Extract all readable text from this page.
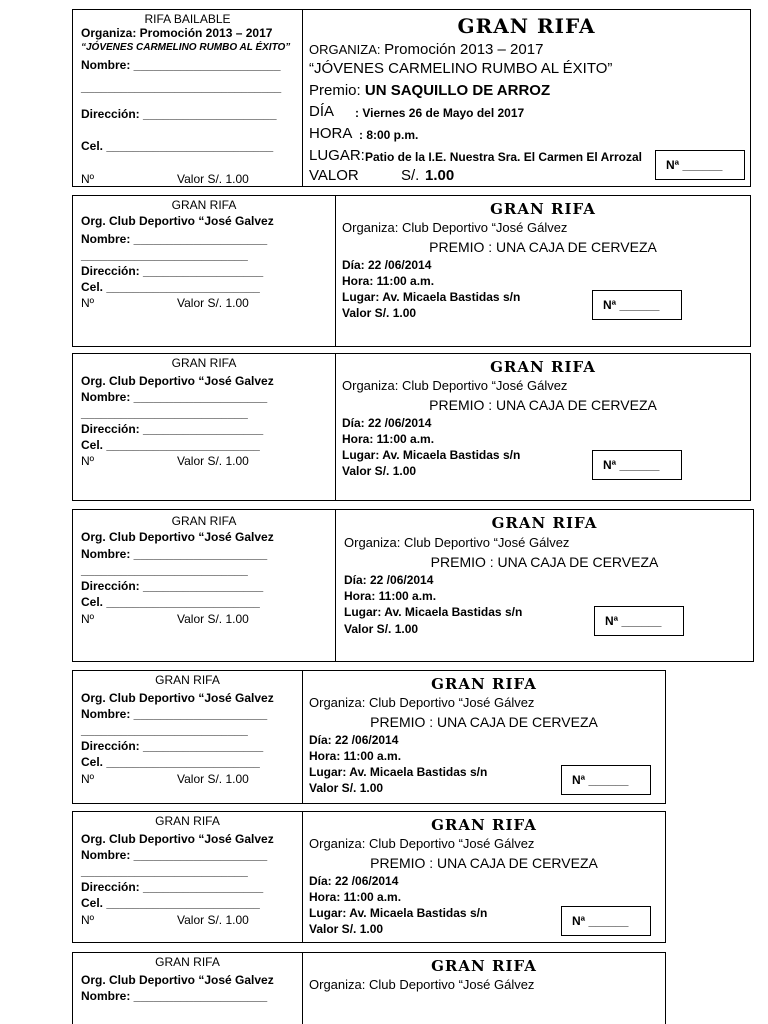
RIFA BAILABLE
Organiza: Promoción 2013 – 2017
“JÓVENES CARMELINO RUMBO AL ÉXITO”
Nombre: ______________________
______________________________
Dirección: ____________________
Cel. _________________________
Nº	Valor S/. 1.00
GRAN RIFA
ORGANIZA: Promoción 2013 – 2017
“JÓVENES CARMELINO RUMBO AL ÉXITO”
Premio: UN SAQUILLO DE ARROZ
DÍA : Viernes 26 de Mayo del 2017
HORA : 8:00 p.m.
LUGAR: Patio de la I.E. Nuestra Sra. El Carmen El Arrozal
VALOR	S/. 1.00
Nª ______
GRAN RIFA
Org. Club Deportivo “José Galvez
Nombre: ____________________
_________________________
Dirección: __________________
Cel. _______________________
Nº	Valor S/. 1.00
GRAN RIFA
Organiza: Club Deportivo “José Gálvez
PREMIO : UNA CAJA DE CERVEZA
Día: 22 /06/2014
Hora: 11:00 a.m.
Lugar: Av. Micaela Bastidas s/n
Valor S/. 1.00
Nª ______
GRAN RIFA
Org. Club Deportivo “José Galvez
Nombre: ____________________
_________________________
Dirección: __________________
Cel. _______________________
Nº	Valor S/. 1.00
GRAN RIFA
Organiza: Club Deportivo “José Gálvez
PREMIO : UNA CAJA DE CERVEZA
Día: 22 /06/2014
Hora: 11:00 a.m.
Lugar: Av. Micaela Bastidas s/n
Valor S/. 1.00	Nª ______
GRAN RIFA
Org. Club Deportivo “José Galvez
Nombre: ____________________
_________________________
Dirección: __________________
Cel. _______________________
Nº	Valor S/. 1.00
GRAN RIFA
Organiza: Club Deportivo “José Gálvez
PREMIO : UNA CAJA DE CERVEZA
Día: 22 /06/2014
Hora: 11:00 a.m.
Lugar: Av. Micaela Bastidas s/n
Valor S/. 1.00
Nª ______
GRAN RIFA
Org. Club Deportivo “José Galvez
Nombre: ____________________
_________________________
Dirección: __________________
Cel. _______________________
Nº	Valor S/. 1.00
GRAN RIFA
Organiza: Club Deportivo “José Gálvez
PREMIO : UNA CAJA DE CERVEZA
Día: 22 /06/2014
Hora: 11:00 a.m.
Lugar: Av. Micaela Bastidas s/n
Valor S/. 1.00
Nª ______
GRAN RIFA
Org. Club Deportivo “José Galvez
Nombre: ____________________
_________________________
Dirección: __________________
Cel. _______________________
Nº	Valor S/. 1.00
GRAN RIFA
Organiza: Club Deportivo “José Gálvez
PREMIO : UNA CAJA DE CERVEZA
Día: 22 /06/2014
Hora: 11:00 a.m.
Lugar: Av. Micaela Bastidas s/n
Valor S/. 1.00
Nª ______
GRAN RIFA
Org. Club Deportivo “José Galvez
Nombre: ____________________
GRAN RIFA
Organiza: Club Deportivo “José Gálvez
